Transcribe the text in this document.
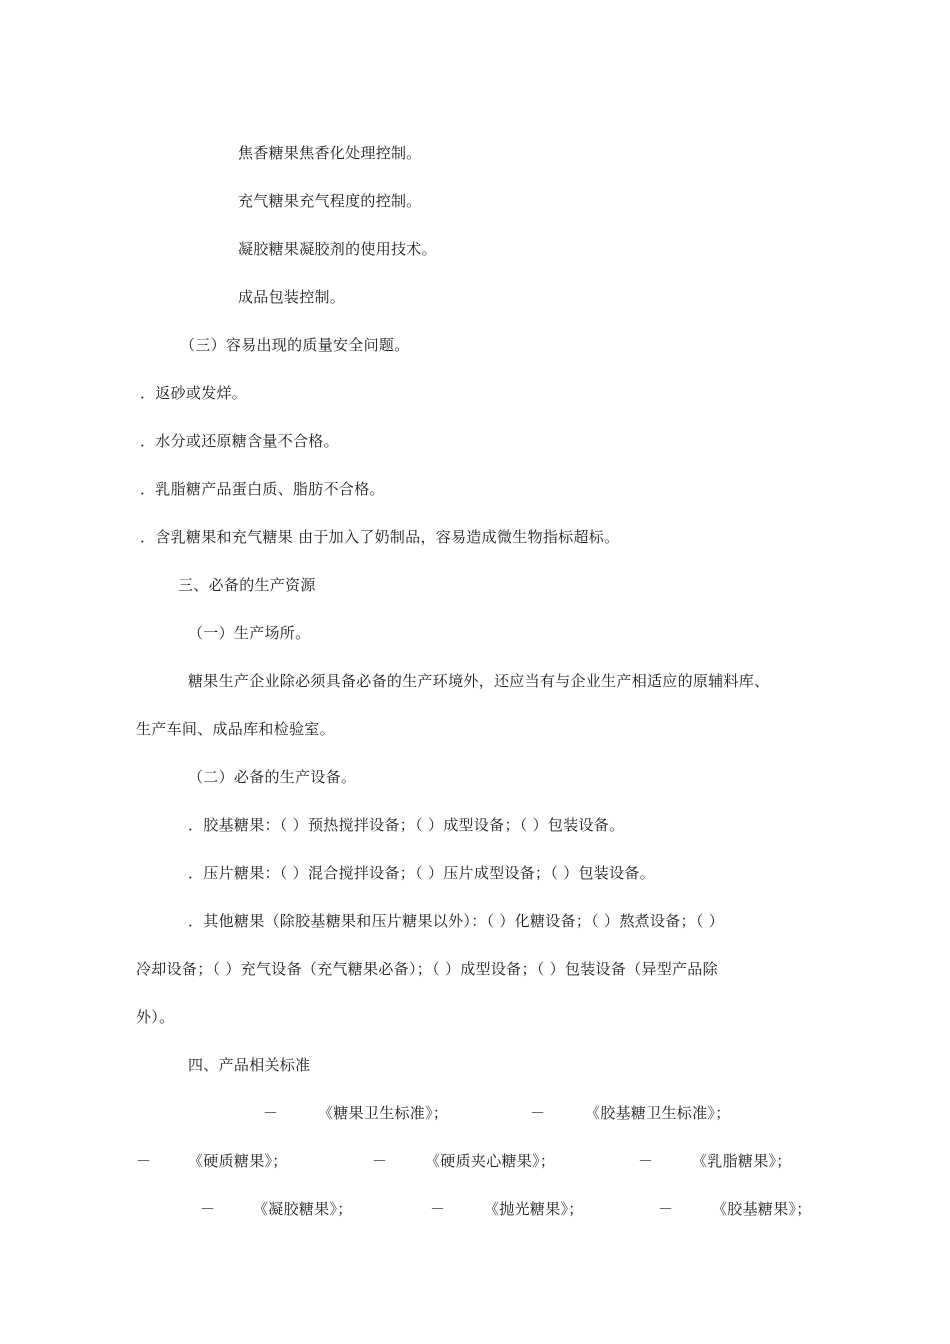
焦香糖果焦香化处理控制。
充气糖果充气程度的控制。
凝胶糖果凝胶剂的使用技术。
成品包装控制。
（三）容易出现的质量安全问题。
．返砂或发烊。
．水分或还原糖含量不合格。
．乳脂糖产品蛋白质、脂肪不合格。
．含乳糖果和充气糖果 由于加入了奶制品，容易造成微生物指标超标。
三、必备的生产资源
（一）生产场所。
糖果生产企业除必须具备必备的生产环境外，还应当有与企业生产相适应的原辅料库、
生产车间、成品库和检验室。
（二）必备的生产设备。
．胶基糖果：（ ）预热搅拌设备；（ ）成型设备；（ ）包装设备。
．压片糖果：（ ）混合搅拌设备；（ ）压片成型设备；（ ）包装设备。
．其他糖果（除胶基糖果和压片糖果以外）：（ ）化糖设备；（ ）熬煮设备；（ ）
冷却设备；（ ）充气设备（充气糖果必备）；（ ）成型设备；（ ）包装设备（异型产品除
外）。
四、产品相关标准
－	《糖果卫生标准》；	－	《胶基糖卫生标准》；
－ 《硬质糖果》；	－	《硬质夹心糖果》；	－	《乳脂糖果》；
－	《凝胶糖果》；	－	《抛光糖果》；	－	《胶基糖果》；
